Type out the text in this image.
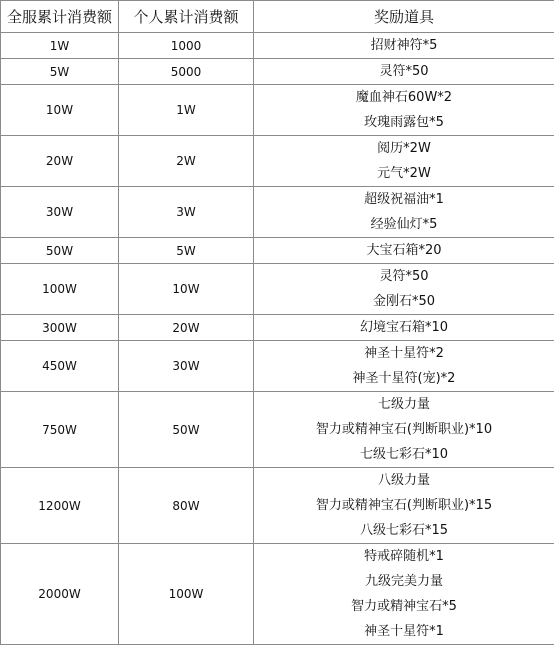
全服累计消费额	个人累计消费额	奖励道具
1W	1000	招财神符*5

5W	5000	灵符*50

10W	1W	魔血神石60W*2
玫瑰雨露包*5

20W	2W	阅历*2W
元气*2W

30W	3W	超级祝福油*1
经验仙灯*5

50W	5W	大宝石箱*20

100W	10W	灵符*50
金刚石*50

300W	20W	幻境宝石箱*10

450W	30W	神圣十星符*2
神圣十星符(宠)*2

750W	50W	七级力量
智力或精神宝石(判断职业)*10
七级七彩石*10

1200W	80W	八级力量
智力或精神宝石(判断职业)*15
八级七彩石*15

2000W	100W	特戒碎随机*1
九级完美力量
智力或精神宝石*5
神圣十星符*1
